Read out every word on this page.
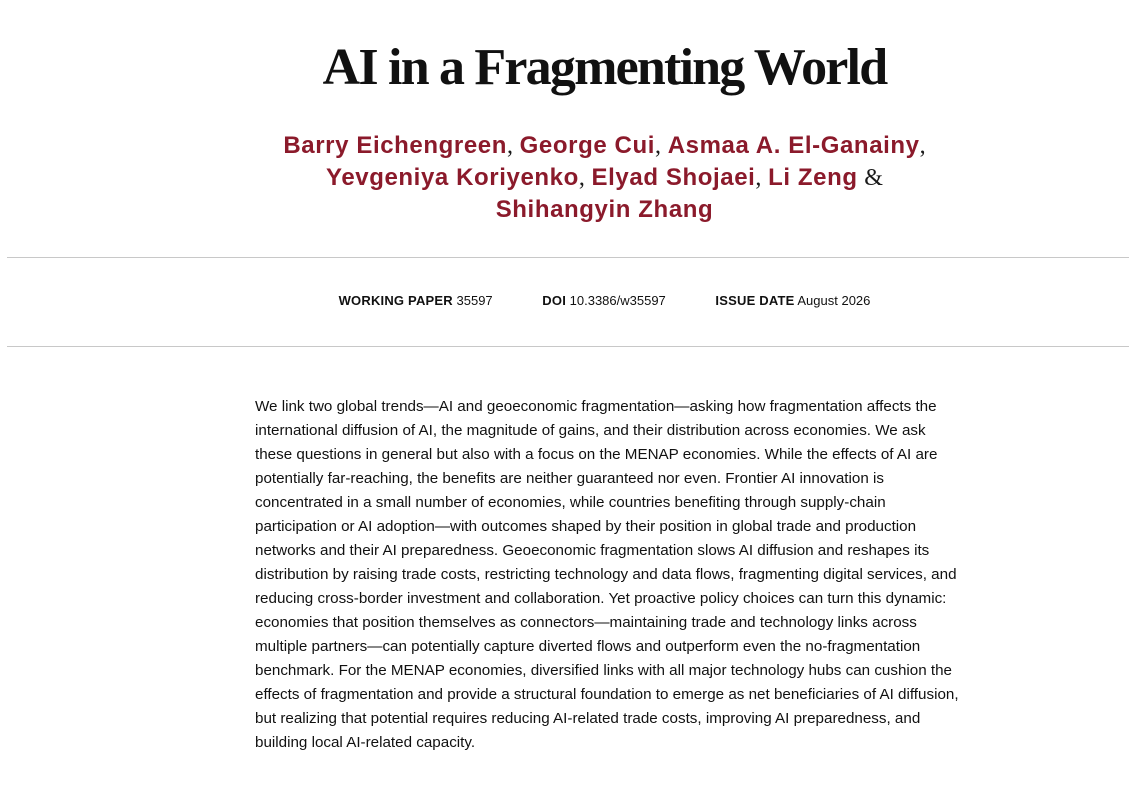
AI in a Fragmenting World
Barry Eichengreen, George Cui, Asmaa A. El-Ganainy,
Yevgeniya Koriyenko, Elyad Shojaei, Li Zeng &
Shihangyin Zhang
WORKING PAPER 35597	DOI 10.3386/w35597	ISSUE DATE August 2026

We link two global trends—AI and geoeconomic fragmentation—asking how fragmentation affects the international diffusion of AI, the magnitude of gains, and their distribution across economies. We ask these questions in general but also with a focus on the MENAP economies. While the effects of AI are potentially far-reaching, the benefits are neither guaranteed nor even. Frontier AI innovation is concentrated in a small number of economies, while countries benefiting through supply-chain participation or AI adoption—with outcomes shaped by their position in global trade and production networks and their AI preparedness. Geoeconomic fragmentation slows AI diffusion and reshapes its distribution by raising trade costs, restricting technology and data flows, fragmenting digital services, and reducing cross-border investment and collaboration. Yet proactive policy choices can turn this dynamic: economies that position themselves as connectors—maintaining trade and technology links across multiple partners—can potentially capture diverted flows and outperform even the no-fragmentation benchmark. For the MENAP economies, diversified links with all major technology hubs can cushion the effects of fragmentation and provide a structural foundation to emerge as net beneficiaries of AI diffusion, but realizing that potential requires reducing AI-related trade costs, improving AI preparedness, and building local AI-related capacity.
